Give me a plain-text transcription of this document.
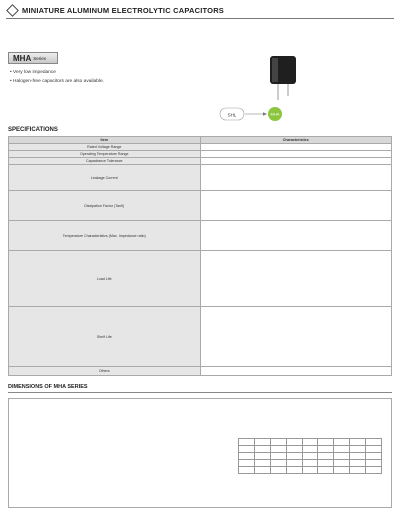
MINIATURE ALUMINUM ELECTROLYTIC CAPACITORS
MHA Series
• Very low impedance
• Halogen-free capacitors are also available.
SHL	MHA
SPECIFICATIONS
Item	Characteristics
Rated Voltage Range	
Operating Temperature Range	
Capacitance Tolerance	
Leakage Current	
Dissipation Factor (Tanδ)	
Temperature Characteristics (Max. Impedance ratio)	
Load Life	
Shelf Life	
Others	
DIMENSIONS OF MHA SERIES
